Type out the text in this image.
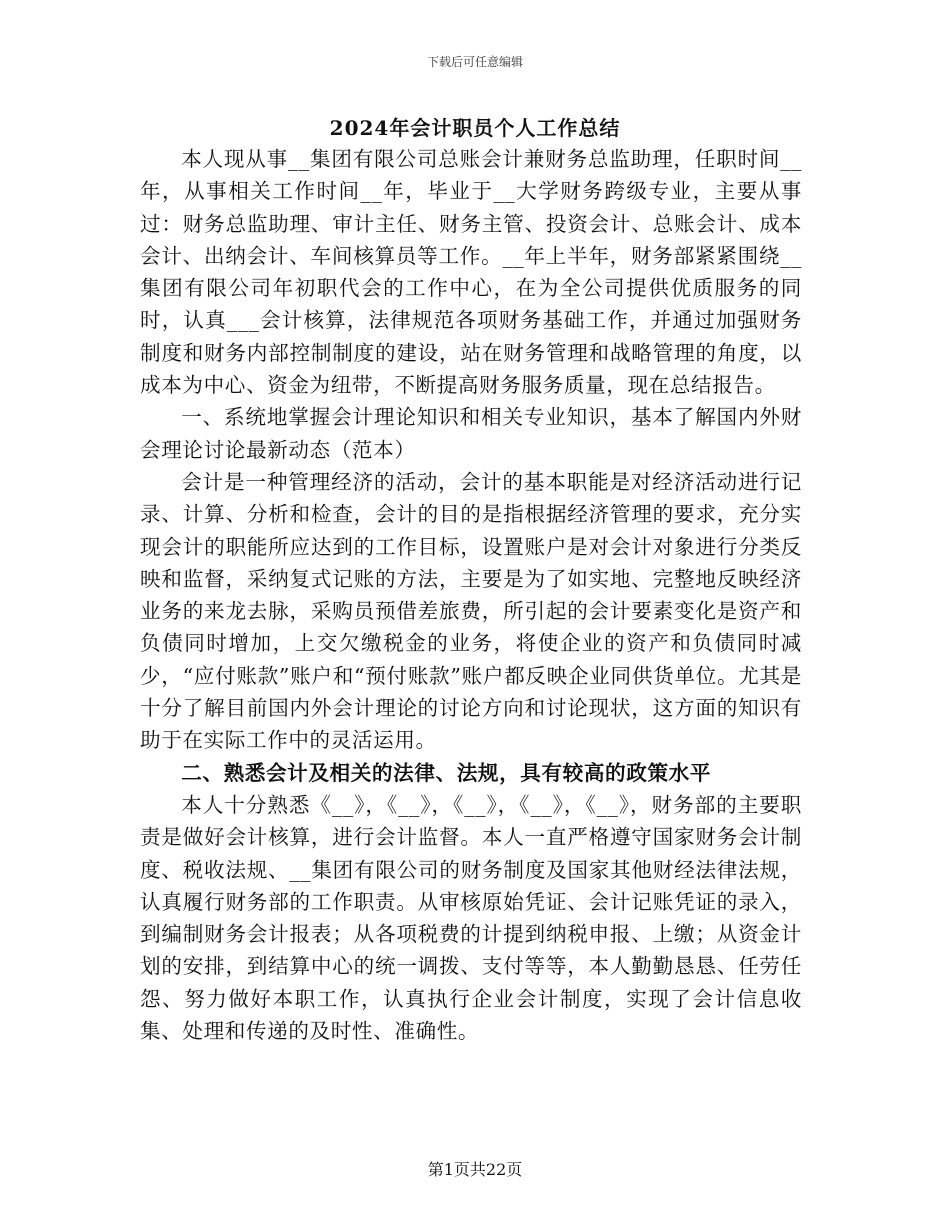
下载后可任意编辑
2024年会计职员个人工作总结

本人现从事__集团有限公司总账会计兼财务总监助理，任职时间__年，从事相关工作时间__年，毕业于__大学财务跨级专业，主要从事过：财务总监助理、审计主任、财务主管、投资会计、总账会计、成本会计、出纳会计、车间核算员等工作。__年上半年，财务部紧紧围绕__集团有限公司年初职代会的工作中心，在为全公司提供优质服务的同时，认真___会计核算，法律规范各项财务基础工作，并通过加强财务制度和财务内部控制制度的建设，站在财务管理和战略管理的角度，以成本为中心、资金为纽带，不断提高财务服务质量，现在总结报告。

一、系统地掌握会计理论知识和相关专业知识，基本了解国内外财会理论讨论最新动态（范本）

会计是一种管理经济的活动，会计的基本职能是对经济活动进行记录、计算、分析和检查，会计的目的是指根据经济管理的要求，充分实现会计的职能所应达到的工作目标，设置账户是对会计对象进行分类反映和监督，采纳复式记账的方法，主要是为了如实地、完整地反映经济业务的来龙去脉，采购员预借差旅费，所引起的会计要素变化是资产和负债同时增加，上交欠缴税金的业务，将使企业的资产和负债同时减少，“应付账款”账户和“预付账款”账户都反映企业同供货单位。尤其是十分了解目前国内外会计理论的讨论方向和讨论现状，这方面的知识有助于在实际工作中的灵活运用。

二、熟悉会计及相关的法律、法规，具有较高的政策水平

本人十分熟悉《__》，《__》，《__》，《__》，《__》，财务部的主要职责是做好会计核算，进行会计监督。本人一直严格遵守国家财务会计制度、税收法规、__集团有限公司的财务制度及国家其他财经法律法规，认真履行财务部的工作职责。从审核原始凭证、会计记账凭证的录入，到编制财务会计报表；从各项税费的计提到纳税申报、上缴；从资金计划的安排，到结算中心的统一调拨、支付等等，本人勤勤恳恳、任劳任怨、努力做好本职工作，认真执行企业会计制度，实现了会计信息收集、处理和传递的及时性、准确性。

第1页共22页
